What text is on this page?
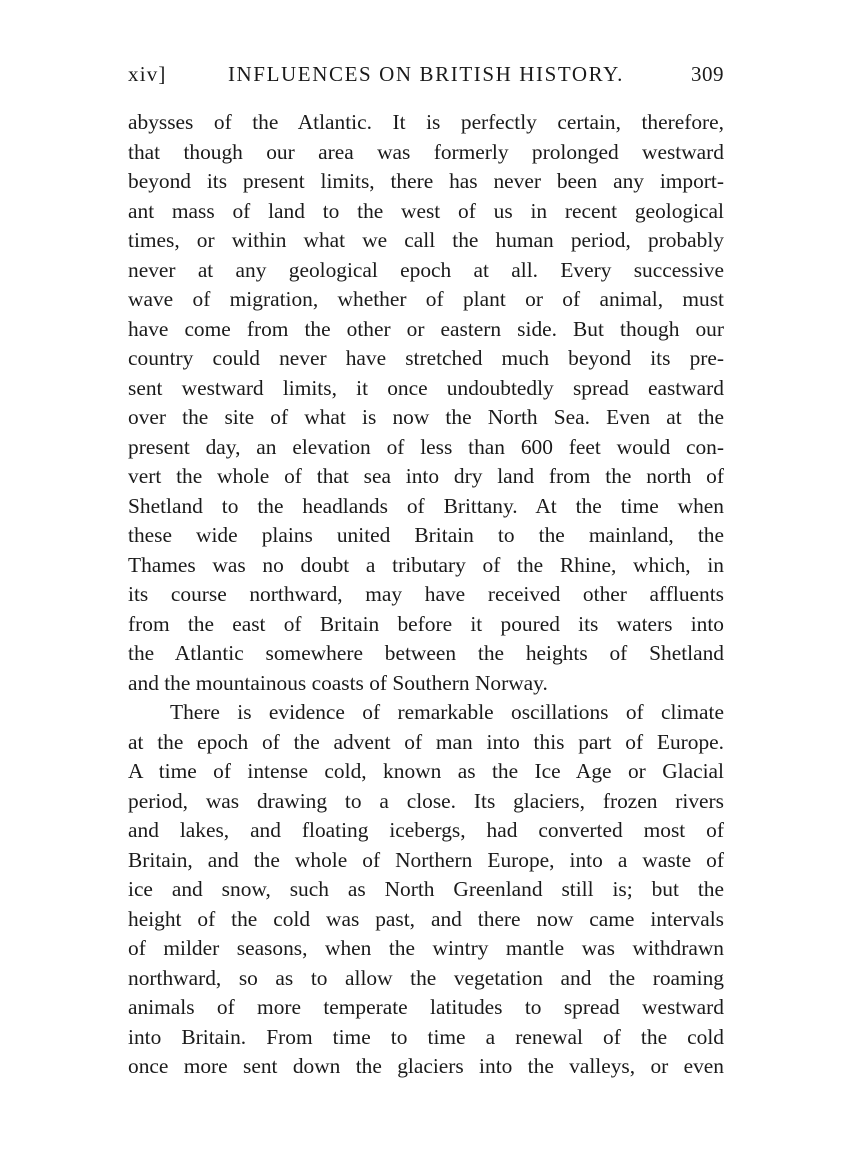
xiv]	INFLUENCES ON BRITISH HISTORY.	309
abysses of the Atlantic. It is perfectly certain, therefore,
that though our area was formerly prolonged westward
beyond its present limits, there has never been any import-
ant mass of land to the west of us in recent geological
times, or within what we call the human period, probably
never at any geological epoch at all. Every successive
wave of migration, whether of plant or of animal, must
have come from the other or eastern side. But though our
country could never have stretched much beyond its pre-
sent westward limits, it once undoubtedly spread eastward
over the site of what is now the North Sea. Even at the
present day, an elevation of less than 600 feet would con-
vert the whole of that sea into dry land from the north of
Shetland to the headlands of Brittany. At the time when
these wide plains united Britain to the mainland, the
Thames was no doubt a tributary of the Rhine, which, in
its course northward, may have received other affluents
from the east of Britain before it poured its waters into
the Atlantic somewhere between the heights of Shetland
and the mountainous coasts of Southern Norway.
There is evidence of remarkable oscillations of climate
at the epoch of the advent of man into this part of Europe.
A time of intense cold, known as the Ice Age or Glacial
period, was drawing to a close. Its glaciers, frozen rivers
and lakes, and floating icebergs, had converted most of
Britain, and the whole of Northern Europe, into a waste of
ice and snow, such as North Greenland still is; but the
height of the cold was past, and there now came intervals
of milder seasons, when the wintry mantle was withdrawn
northward, so as to allow the vegetation and the roaming
animals of more temperate latitudes to spread westward
into Britain. From time to time a renewal of the cold
once more sent down the glaciers into the valleys, or even
